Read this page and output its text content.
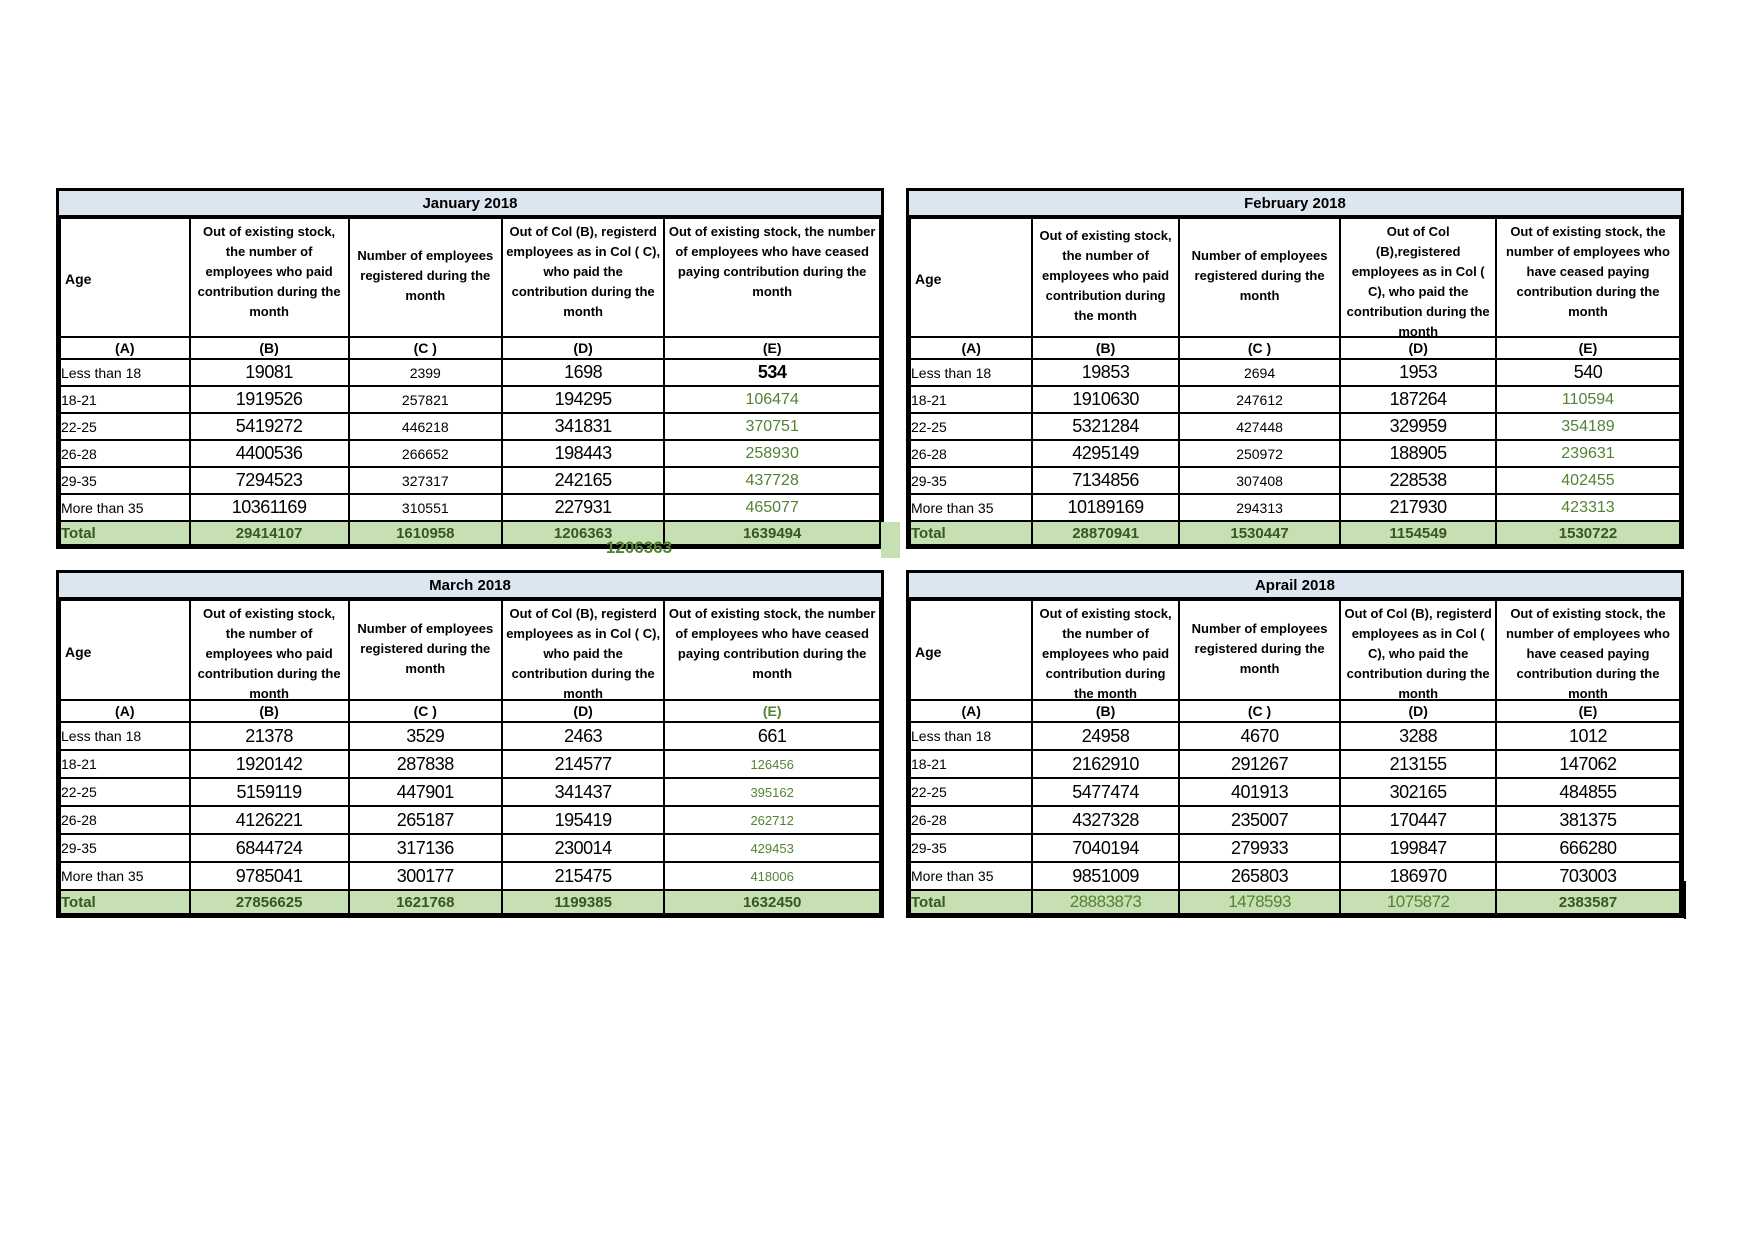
January 2018
Age	Out of existing stock, the number of employees who paid contribution during the month	Number of employees registered during the month	Out of Col (B), registerd employees as in Col ( C), who paid the contribution during the month	Out of existing stock, the number of employees who have ceased paying contribution during the month

(A)	(B)	(C )	(D)	(E)
Less than 18	19081	2399	1698	534
18-21	1919526	257821	194295	106474
22-25	5419272	446218	341831	370751
26-28	4400536	266652	198443	258930
29-35	7294523	327317	242165	437728
More than 35	10361169	310551	227931	465077
Total	29414107	1610958	1206363	1639494
1206363
February 2018
Age	Out of existing stock, the number of employees who paid contribution during the month	Number of employees registered during the month	Out of Col (B),registered employees as in Col ( C), who paid the contribution during the month	Out of existing stock, the number of employees who have ceased paying contribution during the month

(A)	(B)	(C )	(D)	(E)
Less than 18	19853	2694	1953	540
18-21	1910630	247612	187264	110594
22-25	5321284	427448	329959	354189
26-28	4295149	250972	188905	239631
29-35	7134856	307408	228538	402455
More than 35	10189169	294313	217930	423313
Total	28870941	1530447	1154549	1530722
March 2018
Age	Out of existing stock, the number of employees who paid contribution during the month	Number of employees registered during the month	Out of Col (B), registerd employees as in Col ( C), who paid the contribution during the month	Out of existing stock, the number of employees who have ceased paying contribution during the month

(A)	(B)	(C )	(D)	(E)
Less than 18	21378	3529	2463	661
18-21	1920142	287838	214577	126456
22-25	5159119	447901	341437	395162
26-28	4126221	265187	195419	262712
29-35	6844724	317136	230014	429453
More than 35	9785041	300177	215475	418006
Total	27856625	1621768	1199385	1632450
Aprail 2018
Age	Out of existing stock, the number of employees who paid contribution during the month	Number of employees registered during the month	Out of Col (B), registerd employees as in Col ( C), who paid the contribution during the month	Out of existing stock, the number of employees who have ceased paying contribution during the month

(A)	(B)	(C )	(D)	(E)
Less than 18	24958	4670	3288	1012
18-21	2162910	291267	213155	147062
22-25	5477474	401913	302165	484855
26-28	4327328	235007	170447	381375
29-35	7040194	279933	199847	666280
More than 35	9851009	265803	186970	703003
Total	28883873	1478593	1075872	2383587
